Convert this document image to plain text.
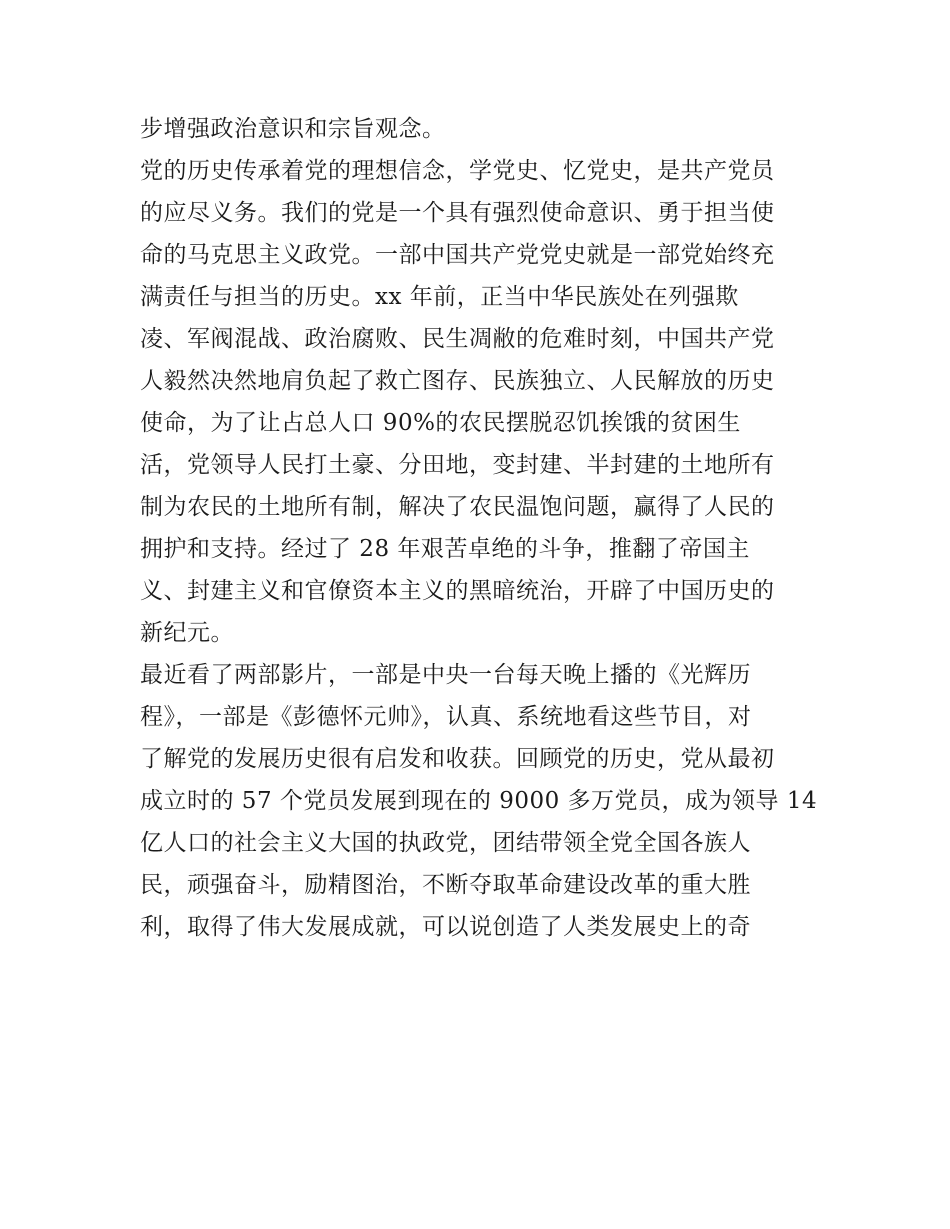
步增强政治意识和宗旨观念。
党的历史传承着党的理想信念，学党史、忆党史，是共产党员
的应尽义务。我们的党是一个具有强烈使命意识、勇于担当使
命的马克思主义政党。一部中国共产党党史就是一部党始终充
满责任与担当的历史。xx 年前，正当中华民族处在列强欺
凌、军阀混战、政治腐败、民生凋敝的危难时刻，中国共产党
人毅然决然地肩负起了救亡图存、民族独立、人民解放的历史
使命，为了让占总人口 90%的农民摆脱忍饥挨饿的贫困生
活，党领导人民打土豪、分田地，变封建、半封建的土地所有
制为农民的土地所有制，解决了农民温饱问题，赢得了人民的
拥护和支持。经过了 28 年艰苦卓绝的斗争，推翻了帝国主
义、封建主义和官僚资本主义的黑暗统治，开辟了中国历史的
新纪元。
最近看了两部影片，一部是中央一台每天晚上播的《光辉历
程》，一部是《彭德怀元帅》，认真、系统地看这些节目，对
了解党的发展历史很有启发和收获。回顾党的历史，党从最初
成立时的 57 个党员发展到现在的 9000 多万党员，成为领导 14
亿人口的社会主义大国的执政党，团结带领全党全国各族人
民，顽强奋斗，励精图治，不断夺取革命建设改革的重大胜
利，取得了伟大发展成就，可以说创造了人类发展史上的奇
